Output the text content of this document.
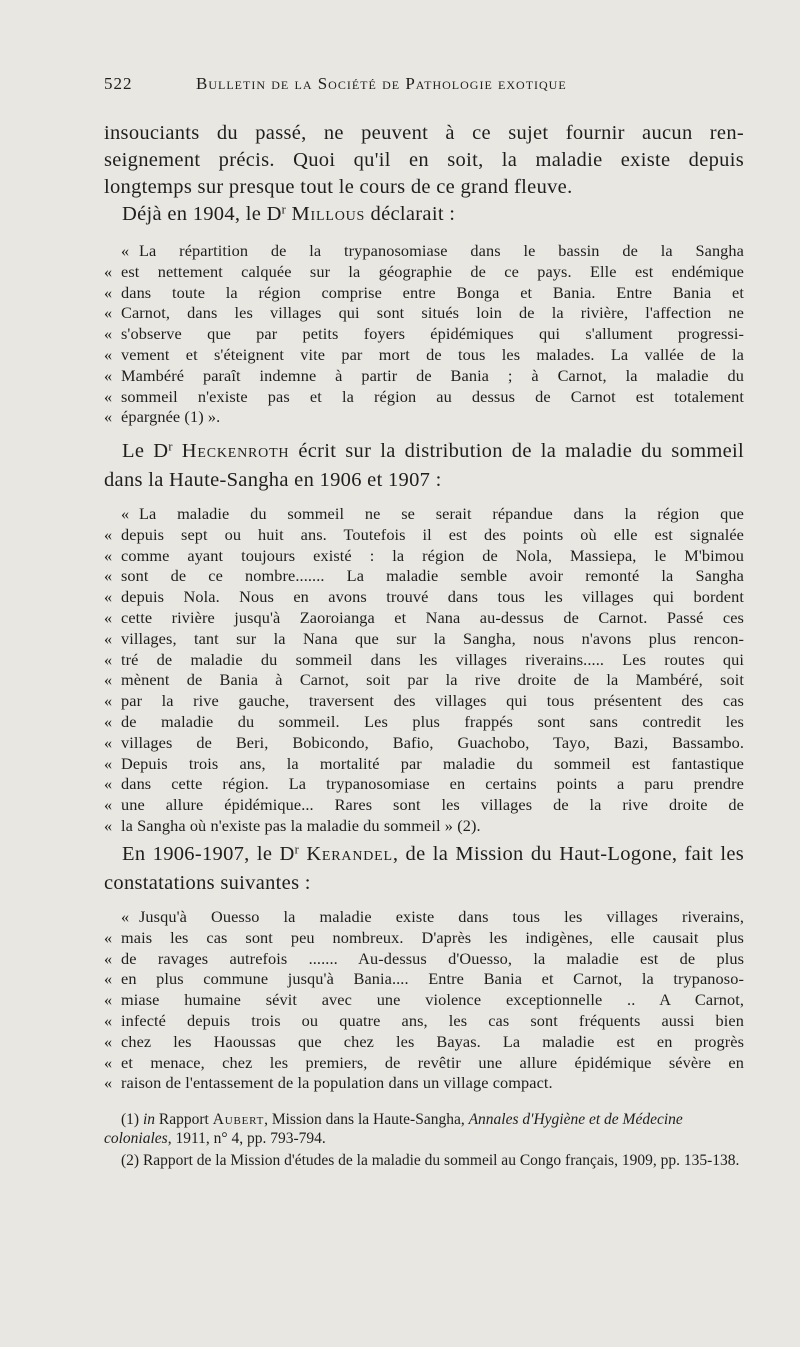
522	Bulletin de la Société de Pathologie exotique

insouciants du passé, ne peuvent à ce sujet fournir aucun ren-

seignement précis. Quoi qu'il en soit, la maladie existe depuis

longtemps sur presque tout le cours de ce grand fleuve.

Déjà en 1904, le $D^r$ Millous déclarait :

« La répartition de la trypanosomiase dans le bassin de la Sangha
« est nettement calquée sur la géographie de ce pays. Elle est endémique
« dans toute la région comprise entre Bonga et Bania. Entre Bania et
« Carnot, dans les villages qui sont situés loin de la rivière, l'affection ne
« s'observe que par petits foyers épidémiques qui s'allument progressi-
« vement et s'éteignent vite par mort de tous les malades. La vallée de la
« Mambéré paraît indemne à partir de Bania ; à Carnot, la maladie du
« sommeil n'existe pas et la région au dessus de Carnot est totalement
« épargnée (1) ».

Le $D^r$ Heckenroth écrit sur la distribution de la maladie du sommeil dans la Haute-Sangha en 1906 et 1907 :

« La maladie du sommeil ne se serait répandue dans la région que
« depuis sept ou huit ans. Toutefois il est des points où elle est signalée
« comme ayant toujours existé : la région de Nola, Massiepa, le M'bimou
« sont de ce nombre....... La maladie semble avoir remonté la Sangha
« depuis Nola. Nous en avons trouvé dans tous les villages qui bordent
« cette rivière jusqu'à Zaoroianga et Nana au-dessus de Carnot. Passé ces
« villages, tant sur la Nana que sur la Sangha, nous n'avons plus rencon-
« tré de maladie du sommeil dans les villages riverains..... Les routes qui
« mènent de Bania à Carnot, soit par la rive droite de la Mambéré, soit
« par la rive gauche, traversent des villages qui tous présentent des cas
« de maladie du sommeil. Les plus frappés sont sans contredit les
« villages de Beri, Bobicondo, Bafio, Guachobo, Tayo, Bazi, Bassambo.
« Depuis trois ans, la mortalité par maladie du sommeil est fantastique
« dans cette région. La trypanosomiase en certains points a paru prendre
« une allure épidémique... Rares sont les villages de la rive droite de
« la Sangha où n'existe pas la maladie du sommeil » (2).

En 1906-1907, le $D^r$ Kerandel, de la Mission du Haut-Logone, fait les constatations suivantes :

« Jusqu'à Ouesso la maladie existe dans tous les villages riverains,
« mais les cas sont peu nombreux. D'après les indigènes, elle causait plus
« de ravages autrefois ....... Au-dessus d'Ouesso, la maladie est de plus
« en plus commune jusqu'à Bania.... Entre Bania et Carnot, la trypanoso-
« miase humaine sévit avec une violence exceptionnelle .. A Carnot,
« infecté depuis trois ou quatre ans, les cas sont fréquents aussi bien
« chez les Haoussas que chez les Bayas. La maladie est en progrès
« et menace, chez les premiers, de revêtir une allure épidémique sévère en
« raison de l'entassement de la population dans un village compact.

(1) in Rapport Aubert, Mission dans la Haute-Sangha, Annales d'Hygiène et de Médecine coloniales, 1911, n° 4, pp. 793-794.

(2) Rapport de la Mission d'études de la maladie du sommeil au Congo français, 1909, pp. 135-138.
